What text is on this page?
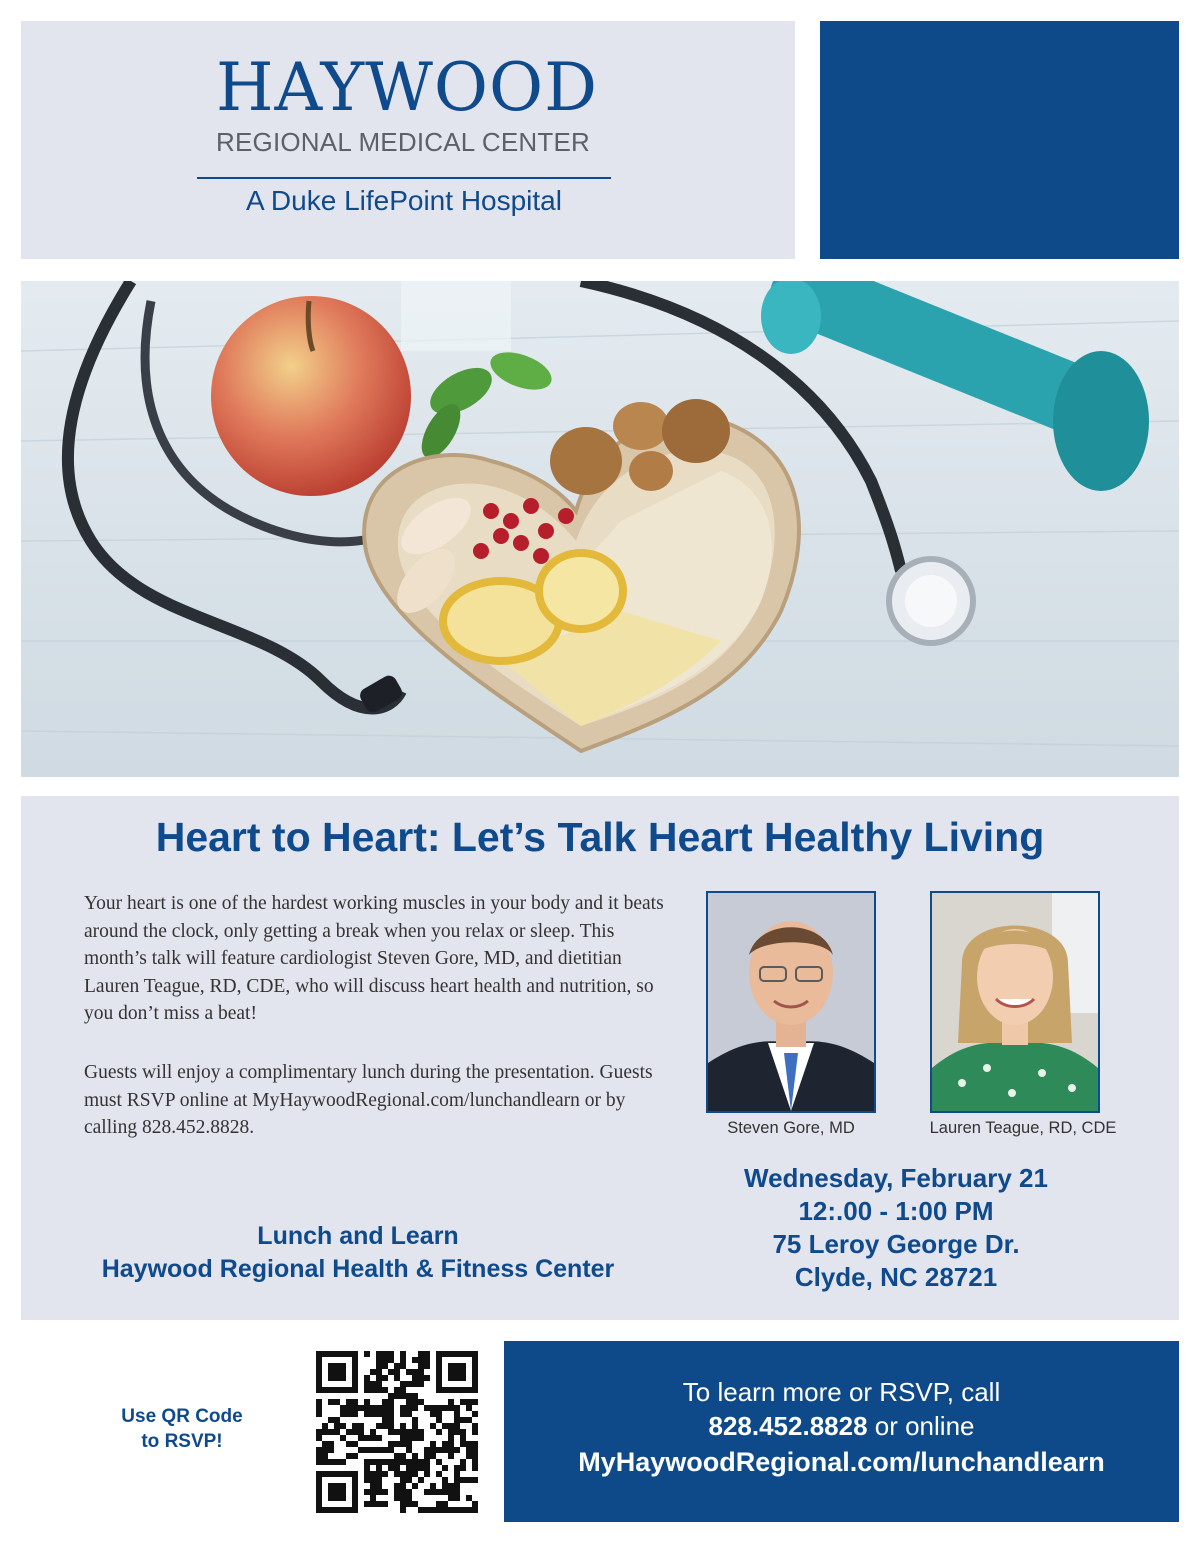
HAYWOOD
REGIONAL MEDICAL CENTER
A Duke LifePoint Hospital
Heart to Heart: Let’s Talk Heart Healthy Living

Your heart is one of the hardest working muscles in your body and it beats around the clock, only getting a break when you relax or sleep. This month’s talk will feature cardiologist Steven Gore, MD, and dietitian Lauren Teague, RD, CDE, who will discuss heart health and nutrition, so you don’t miss a beat!

Guests will enjoy a complimentary lunch during the presentation. Guests must RSVP online at MyHaywoodRegional.com/lunchandlearn or by calling 828.452.8828.	Steven Gore, MD	Lauren Teague, RD, CDE
Wednesday, February 21
12:.00 - 1:00 PM
75 Leroy George Dr.
Clyde, NC 28721
Lunch and Learn
Haywood Regional Health & Fitness Center
Use QR Code
to RSVP!
To learn more or RSVP, call
828.452.8828 or online
MyHaywoodRegional.com/lunchandlearn
